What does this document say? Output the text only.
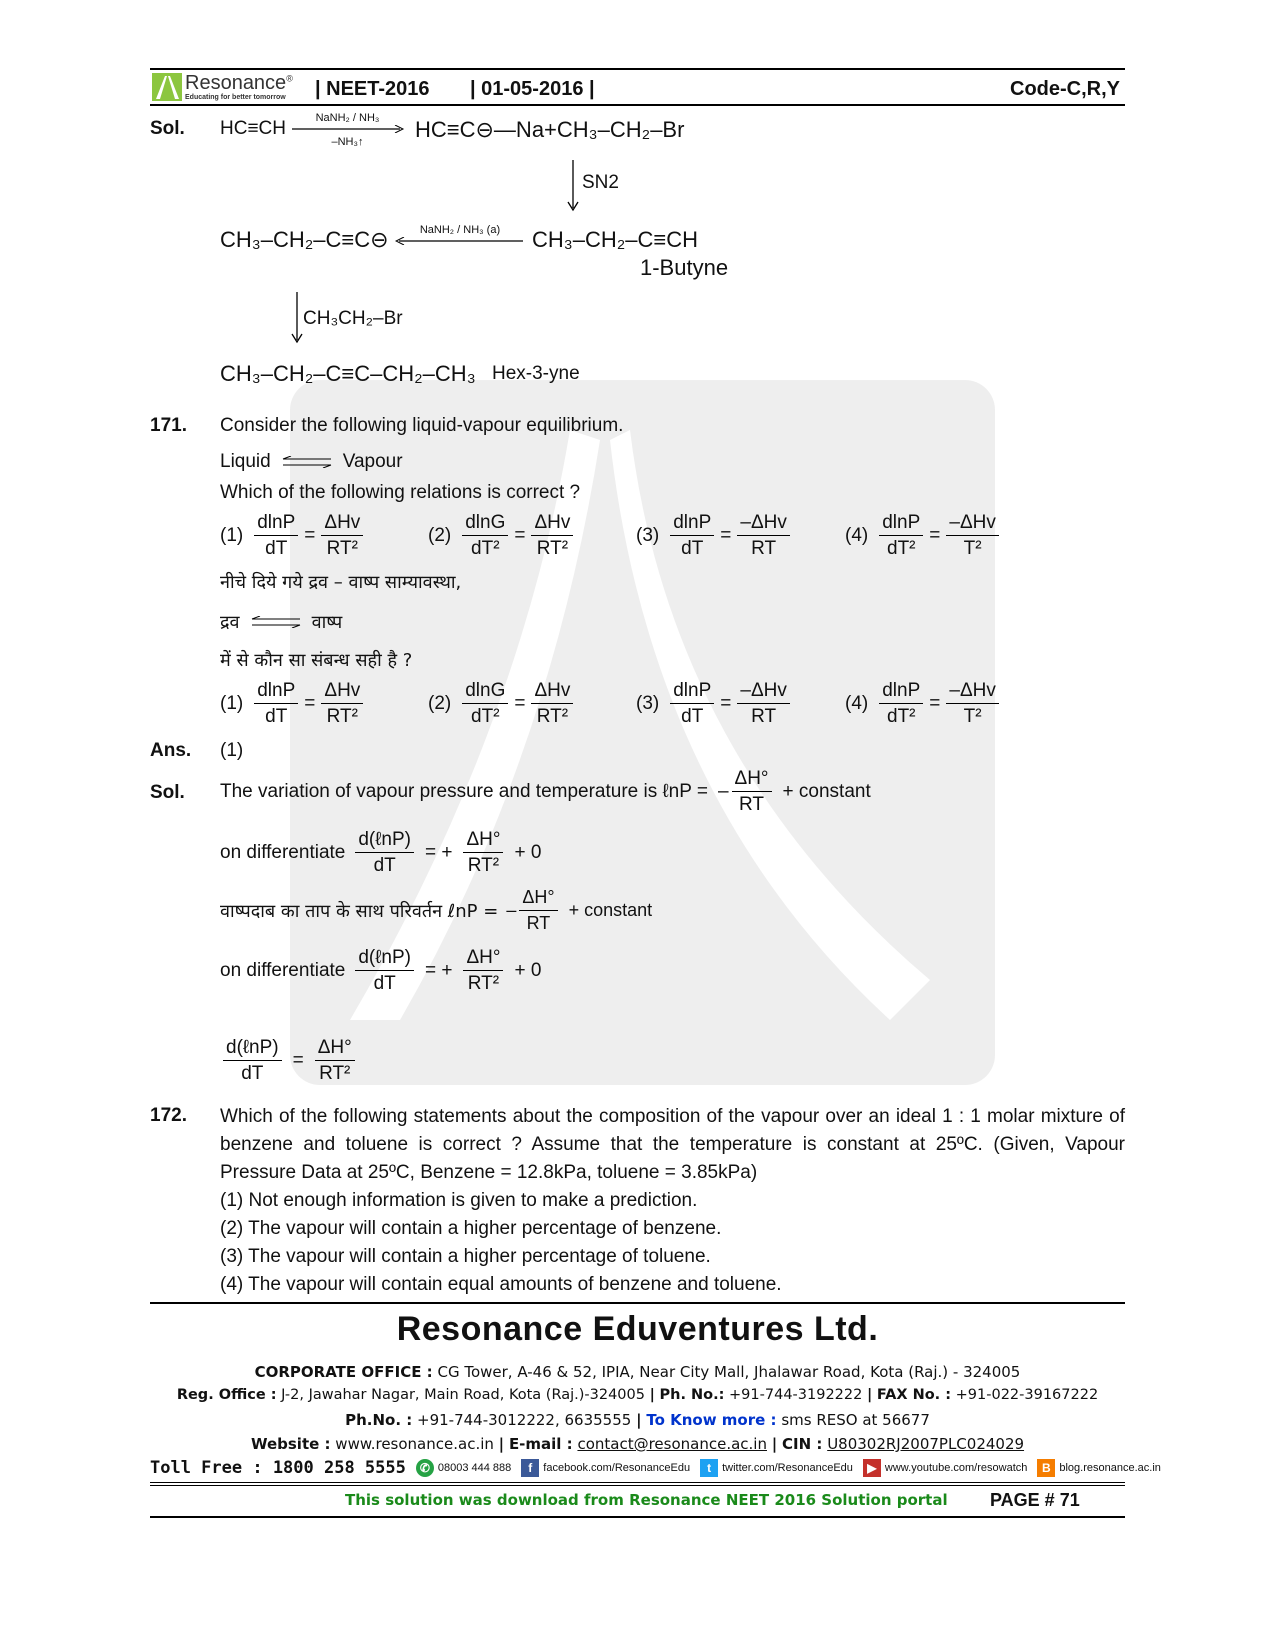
Resonance®
Educating for better tomorrow | NEET-2016 | 01-05-2016 |	Code-C,R,Y
Sol. HC≡CH	NaNH₂ / NH₃
–NH₃↑	HC≡C⊖—Na+CH₃–CH₂–Br
SN2
CH₃–CH₂–C≡C⊖	NaNH₂ / NH₃ (a)	CH₃–CH₂–C≡CH
1-Butyne
CH₃CH₂–Br
CH₃–CH₂–C≡C–CH₂–CH₃ Hex-3-yne
171. Consider the following liquid-vapour equilibrium.
Liquid ⇌ Vapour
Which of the following relations is correct ?
$(1) \frac{dlnP}{dT} = \frac{\text{ΔHv}}{\text{RT²}}$	$(2) \frac{dlnG}{\text{dT²}} = \frac{\text{ΔHv}}{\text{RT²}}$	$(3) \frac{dlnP}{dT} = \frac{\text{–ΔHv}}{RT}$	$(4) \frac{dlnP}{\text{dT²}} = \frac{\text{–ΔHv}}{\text{T²}}$
नीचे दिये गये द्रव – वाष्प साम्यावस्था,
द्रव ⇌ वाष्प
में से कौन सा संबन्ध सही है ?
$(1) \frac{dlnP}{dT} = \frac{\text{ΔHv}}{\text{RT²}}$	$(2) \frac{dlnG}{\text{dT²}} = \frac{\text{ΔHv}}{\text{RT²}}$	$(3) \frac{dlnP}{dT} = \frac{\text{–ΔHv}}{RT}$	$(4) \frac{dlnP}{\text{dT²}} = \frac{\text{–ΔHv}}{\text{T²}}$
Ans. (1)
Sol. The variation of vapour pressure and temperature is ℓnP = – $\frac{\Delta H^\circ}{RT}$ + constant
on differentiate $\frac{\text{d(ℓnP)}}{dT}$ = + $\frac{\Delta H^\circ}{\text{RT²}} + 0$
वाष्पदाब का ताप के साथ परिवर्तन ℓnP = – $\frac{\Delta H^\circ}{RT}$ + constant
on differentiate $\frac{\text{d(ℓnP)}}{dT}$ = + $\frac{\Delta H^\circ}{\text{RT²}} + 0$
$\frac{\text{d(ℓnP)}}{dT} = \frac{\Delta H^\circ}{\text{RT²}}$
172. Which of the following statements about the composition of the vapour over an ideal 1 : 1 molar mixture of benzene and toluene is correct ? Assume that the temperature is constant at 25ºC. (Given, Vapour Pressure Data at 25ºC, Benzene = 12.8kPa, toluene = 3.85kPa)
(1) Not enough information is given to make a prediction.
(2) The vapour will contain a higher percentage of benzene.
(3) The vapour will contain a higher percentage of toluene.
(4) The vapour will contain equal amounts of benzene and toluene.
Resonance Eduventures Ltd.
CORPORATE OFFICE : CG Tower, A-46 & 52, IPIA, Near City Mall, Jhalawar Road, Kota (Raj.) - 324005
Reg. Office : J-2, Jawahar Nagar, Main Road, Kota (Raj.)-324005 | Ph. No.: +91-744-3192222 | FAX No. : +91-022-39167222
Ph.No. : +91-744-3012222, 6635555 | To Know more : sms RESO at 56677
Website : www.resonance.ac.in | E-mail : contact@resonance.ac.in | CIN : U80302RJ2007PLC024029
Toll Free : 1800 258 5555	✆ 08003 444 888	f	facebook.com/ResonanceEdu	t	twitter.com/ResonanceEdu	▶ www.youtube.com/resowatch	B blog.resonance.ac.in
This solution was download from Resonance NEET 2016 Solution portal PAGE # 71
